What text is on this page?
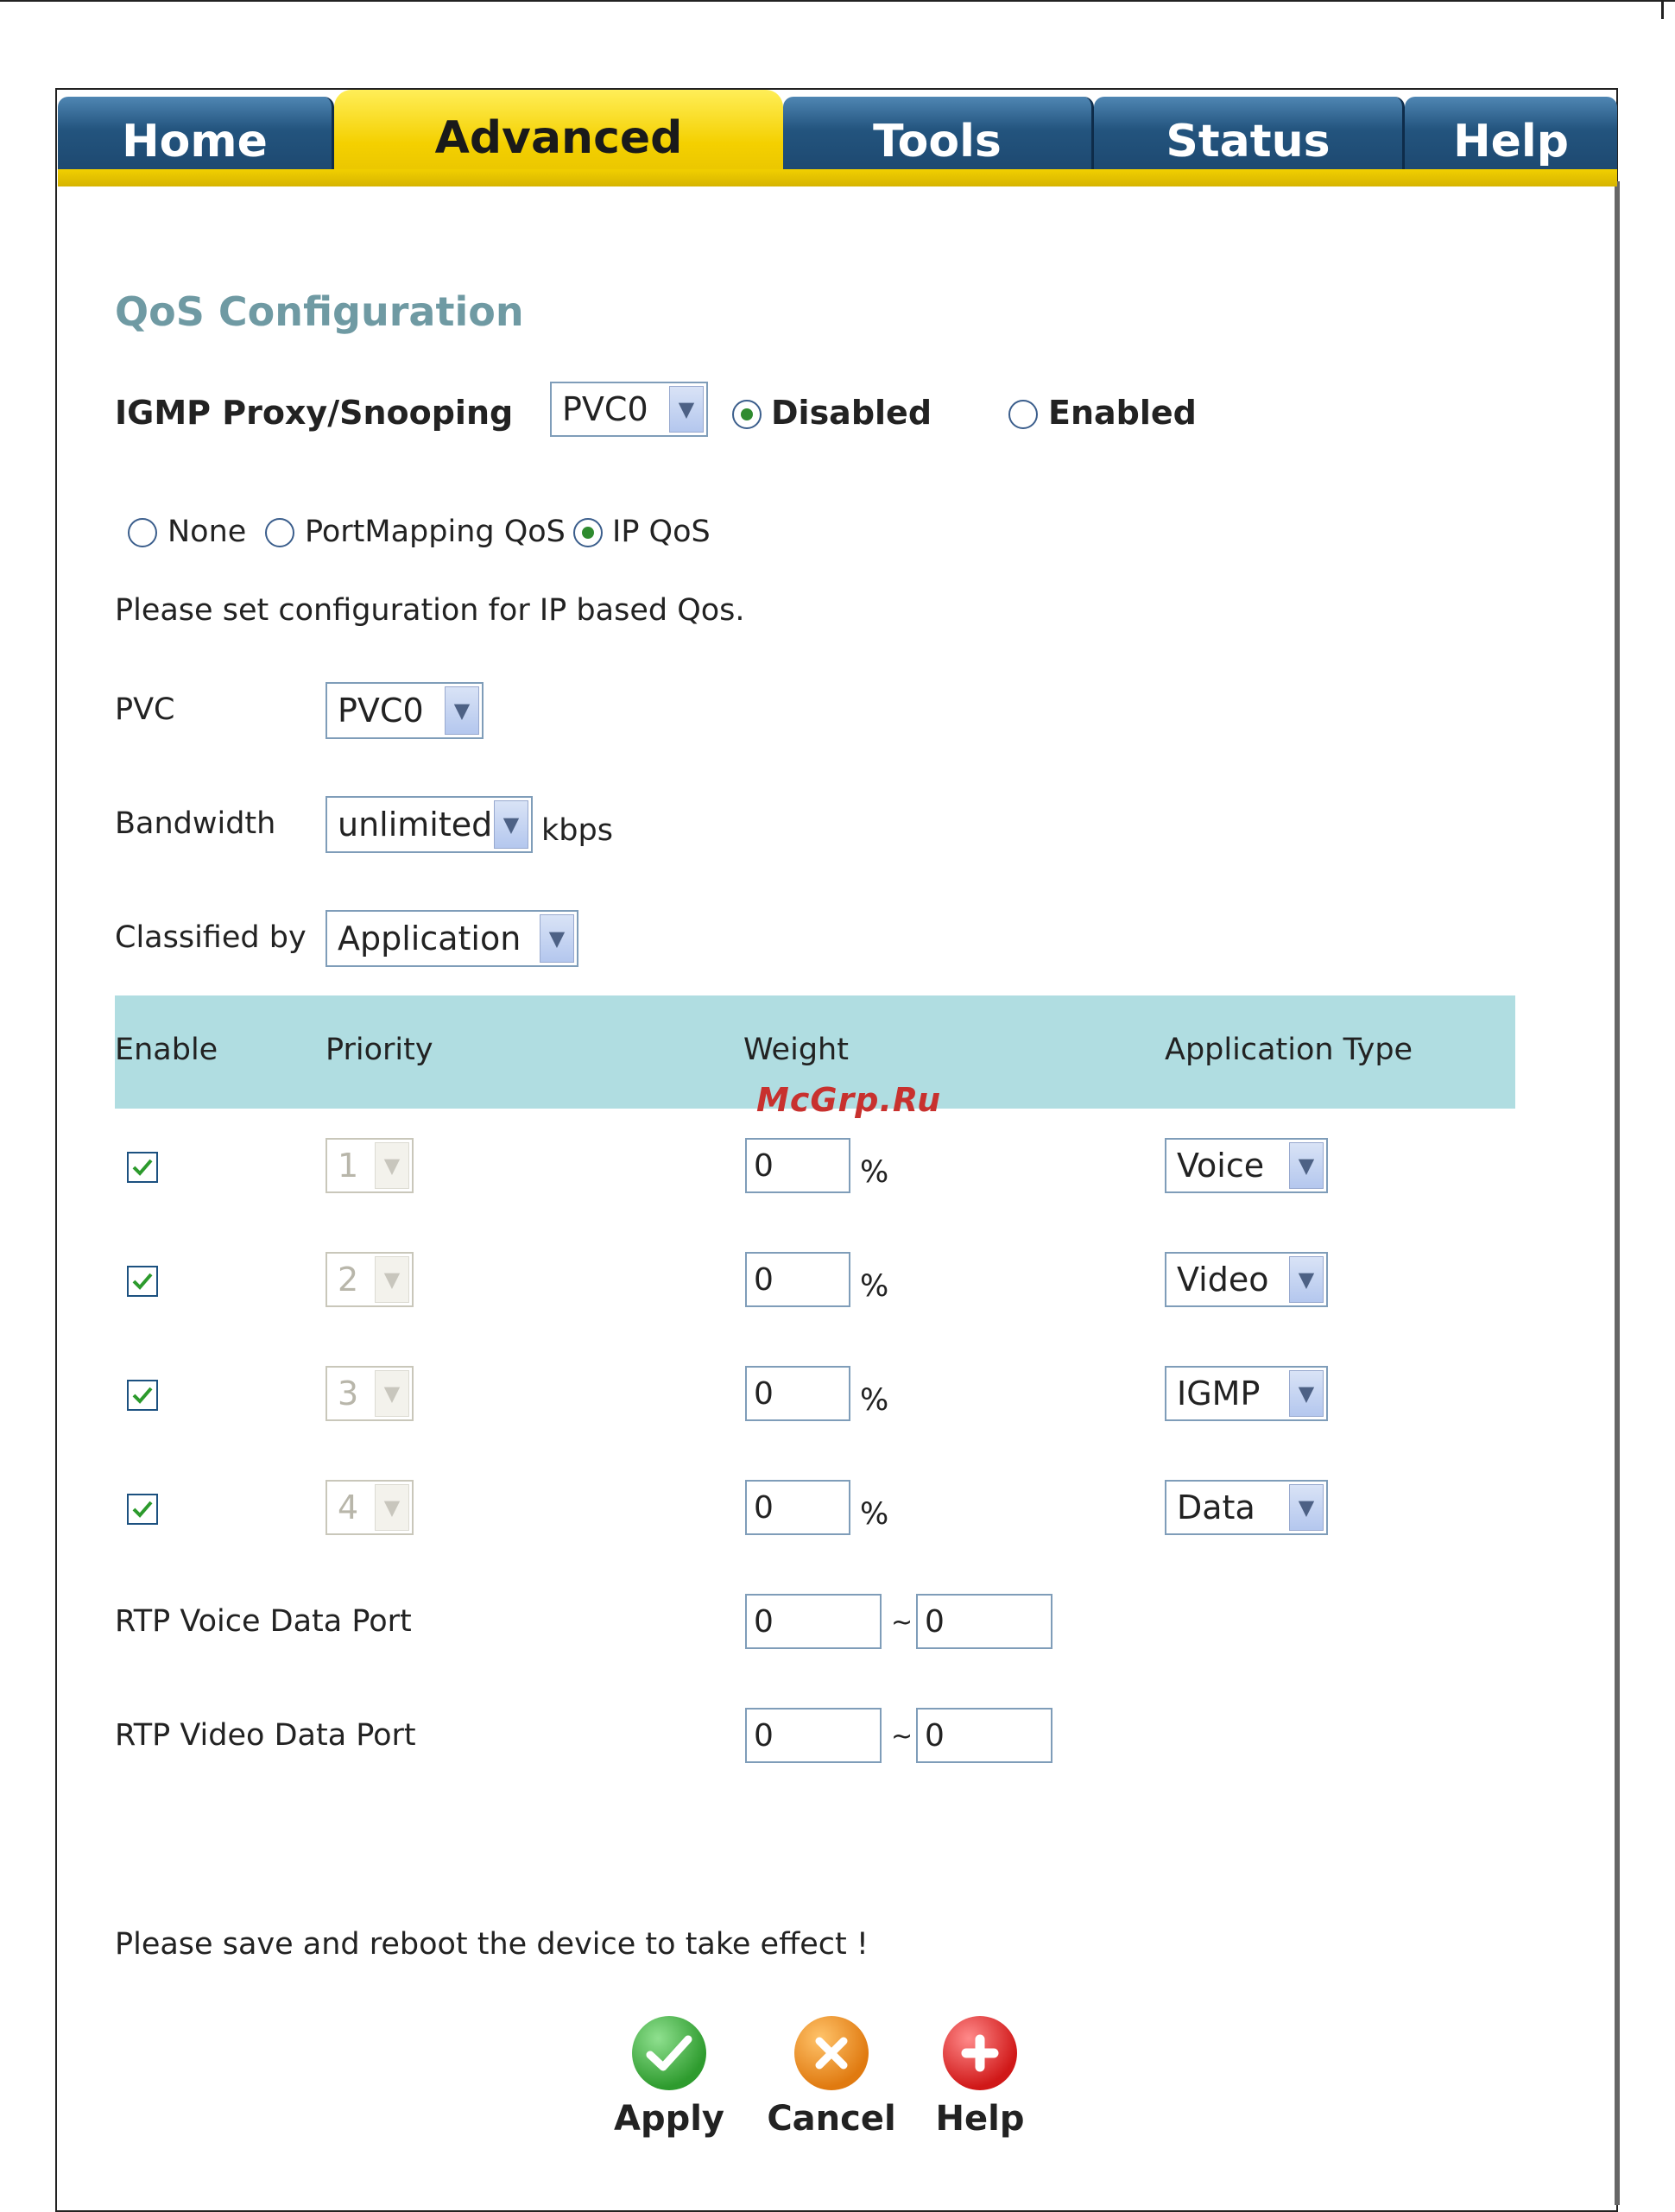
Home	Advanced	Tools	Status	Help
QoS Configuration
IGMP Proxy/Snooping PVC0	▼ Disabled	Enabled
None PortMapping QoS IP QoS
Please set configuration for IP based Qos.
PVC	PVC0	▼
Bandwidth unlimited ▼ kbps
Classified by Application	▼
Enable	Priority	Weight	Application Type
McGrp.Ru
1	▼	0	%	Voice	▼
2	▼	0	%	Video	▼
3	▼	0	%	IGMP	▼
4	▼	0	%	Data	▼
RTP Voice Data Port	0	~ 0
RTP Video Data Port	0	~ 0
Please save and reboot the device to take effect !
Apply Cancel Help
